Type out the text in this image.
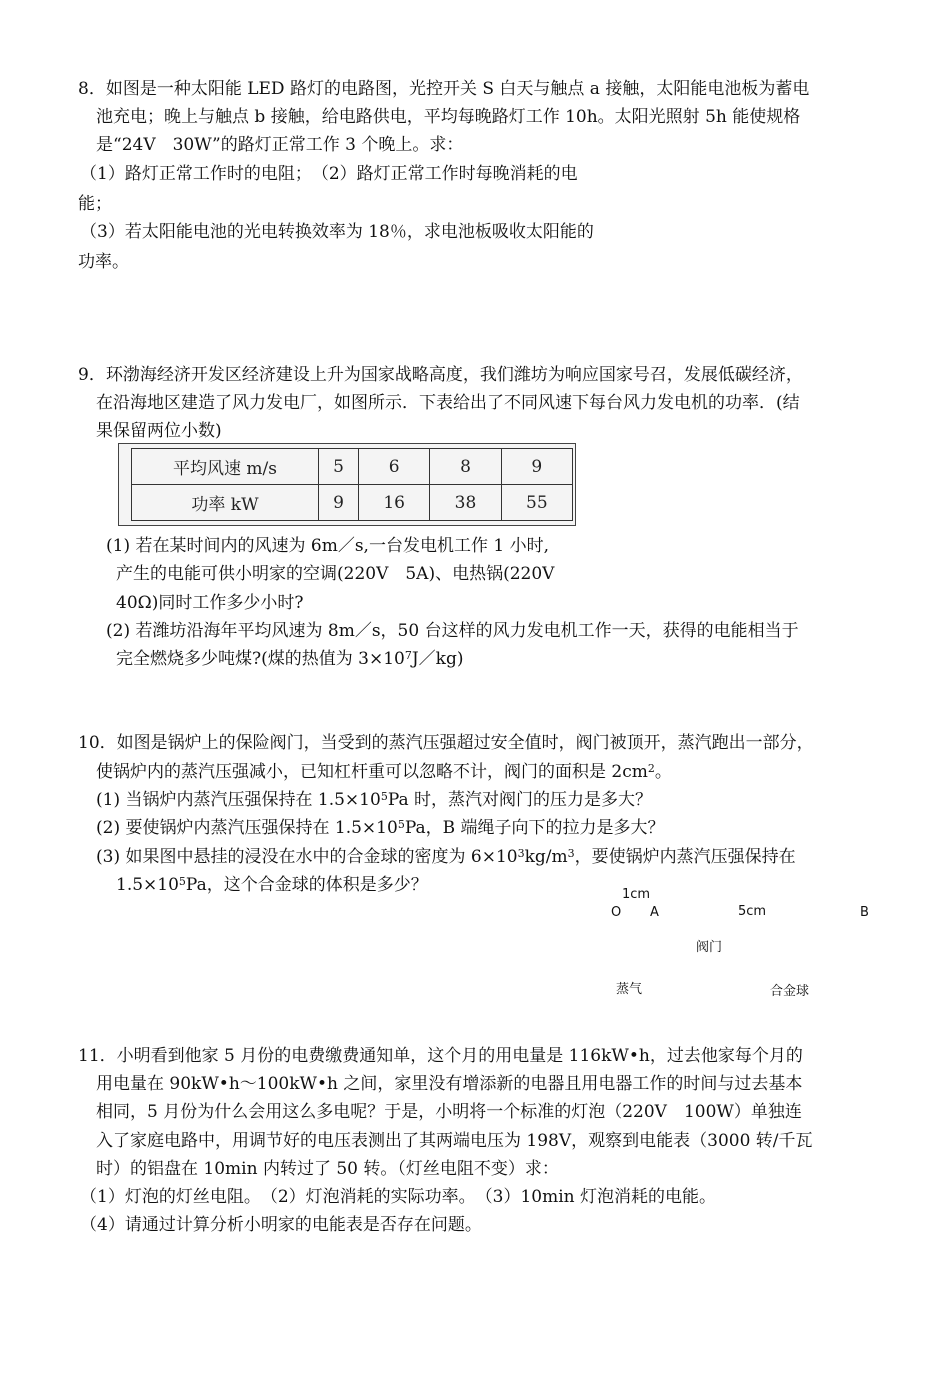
8．如图是一种太阳能 LED 路灯的电路图，光控开关 S 白天与触点 a 接触，太阳能电池板为蓄电
池充电；晚上与触点 b 接触，给电路供电，平均每晚路灯工作 10h。太阳光照射 5h 能使规格
是“24V　30W”的路灯正常工作 3 个晚上。求：
（1）路灯正常工作时的电阻；　（2）路灯正常工作时每晚消耗的电
能；
（3）若太阳能电池的光电转换效率为 18％，求电池板吸收太阳能的
功率。
9．环渤海经济开发区经济建设上升为国家战略高度，我们潍坊为响应国家号召，发展低碳经济，
在沿海地区建造了风力发电厂，如图所示．下表给出了不同风速下每台风力发电机的功率．(结
果保留两位小数)
平均风速 m/s	5	6	8	9
功率 kW	9	16	38	55
(1) 若在某时间内的风速为 6m／s,一台发电机工作 1 小时,
产生的电能可供小明家的空调(220V　5A)、电热锅(220V
40Ω)同时工作多少小时?
(2) 若潍坊沿海年平均风速为 8m／s，50 台这样的风力发电机工作一天，获得的电能相当于
完全燃烧多少吨煤?(煤的热值为 $3\times 10^7J/kg$)
10．如图是锅炉上的保险阀门，当受到的蒸汽压强超过安全值时，阀门被顶开，蒸汽跑出一部分，
使锅炉内的蒸汽压强减小，已知杠杆重可以忽略不计，阀门的面积是 $2cm^2$。
(1) 当锅炉内蒸汽压强保持在 $1.5\times 10^5Pa$ 时，蒸汽对阀门的压力是多大？
(2) 要使锅炉内蒸汽压强保持在 $1.5\times 10^5Pa$，B 端绳子向下的拉力是多大？
(3) 如果图中悬挂的浸没在水中的合金球的密度为 $6\times 10^3kg/m^3$，要使锅炉内蒸汽压强保持在
$1.5\times 10^5Pa$，这个合金球的体积是多少？	1cm
O A	5cm	B
阀门
蒸气	合金球
11．小明看到他家 5 月份的电费缴费通知单，这个月的用电量是 116kW•h，过去他家每个月的
用电量在 90kW•h～100kW•h 之间，家里没有增添新的电器且用电器工作的时间与过去基本
相同，5 月份为什么会用这么多电呢？于是，小明将一个标准的灯泡（220V　100W）单独连
入了家庭电路中，用调节好的电压表测出了其两端电压为 198V，观察到电能表（3000 转/千瓦
时）的铝盘在 10min 内转过了 50 转。（灯丝电阻不变）求：
（1）灯泡的灯丝电阻。　（2）灯泡消耗的实际功率。　（3）10min 灯泡消耗的电能。
（4）请通过计算分析小明家的电能表是否存在问题。
